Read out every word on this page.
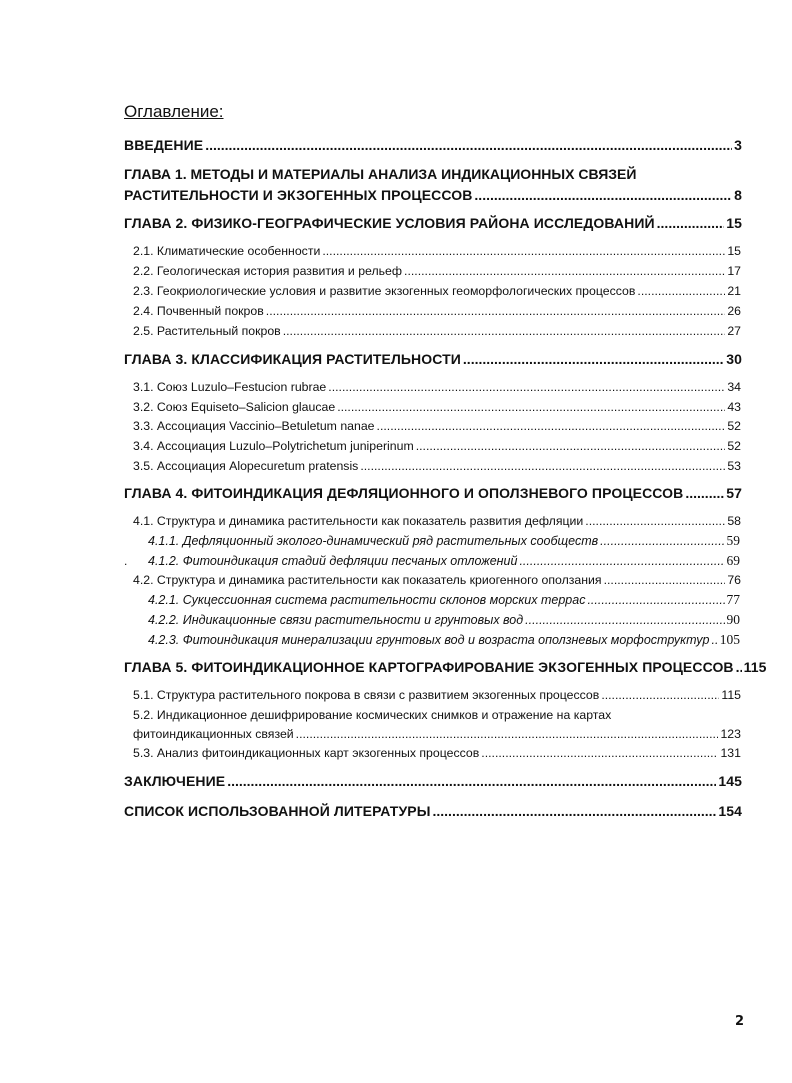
Оглавление:
ВВЕДЕНИЕ .....	3
ГЛАВА 1. МЕТОДЫ И МАТЕРИАЛЫ АНАЛИЗА ИНДИКАЦИОННЫХ СВЯЗЕЙ
РАСТИТЕЛЬНОСТИ И ЭКЗОГЕННЫХ ПРОЦЕССОВ .....	8
ГЛАВА 2. ФИЗИКО-ГЕОГРАФИЧЕСКИЕ УСЛОВИЯ РАЙОНА ИССЛЕДОВАНИЙ .....	15
2.1. Климатические особенности .....	15
2.2. Геологическая история развития и рельеф .....	17
2.3. Геокриологические условия и развитие экзогенных геоморфологических процессов .....	21
2.4. Почвенный покров .....	26
2.5. Растительный покров .....	27
ГЛАВА 3. КЛАССИФИКАЦИЯ РАСТИТЕЛЬНОСТИ .....	30
3.1. Союз Luzulo–Festucion rubrae .....	34
3.2. Союз Equiseto–Salicion glaucae .....	43
3.3. Ассоциация Vaccinio–Betuletum nanae .....	52
3.4. Ассоциация Luzulo–Polytrichetum juniperinum .....	52
3.5. Ассоциация Alopecuretum pratensis .....	53
ГЛАВА 4. ФИТОИНДИКАЦИЯ ДЕФЛЯЦИОННОГО И ОПОЛЗНЕВОГО ПРОЦЕССОВ .....	57
4.1. Структура и динамика растительности как показатель развития дефляции .....	58
4.1.1. Дефляционный эколого-динамический ряд растительных сообществ .....	59
. 4.1.2. Фитоиндикация стадий дефляции песчаных отложений .....	69
4.2. Структура и динамика растительности как показатель криогенного оползания .....	76
4.2.1. Сукцессионная система растительности склонов морских террас .....	77
4.2.2. Индикационные связи растительности и грунтовых вод .....	90
4.2.3. Фитоиндикация минерализации грунтовых вод и возраста оползневых морфоструктур ..... 105
ГЛАВА 5. ФИТОИНДИКАЦИОННОЕ КАРТОГРАФИРОВАНИЕ ЭКЗОГЕННЫХ ПРОЦЕССОВ ..... 115
5.1. Структура растительного покрова в связи с развитием экзогенных процессов .....	115
5.2. Индикационное дешифрирование космических снимков и отражение на картах
фитоиндикационных связей .....	123
5.3. Анализ фитоиндикационных карт экзогенных процессов .....	131
ЗАКЛЮЧЕНИЕ .....	145
СПИСОК ИСПОЛЬЗОВАННОЙ ЛИТЕРАТУРЫ .....	154
2
